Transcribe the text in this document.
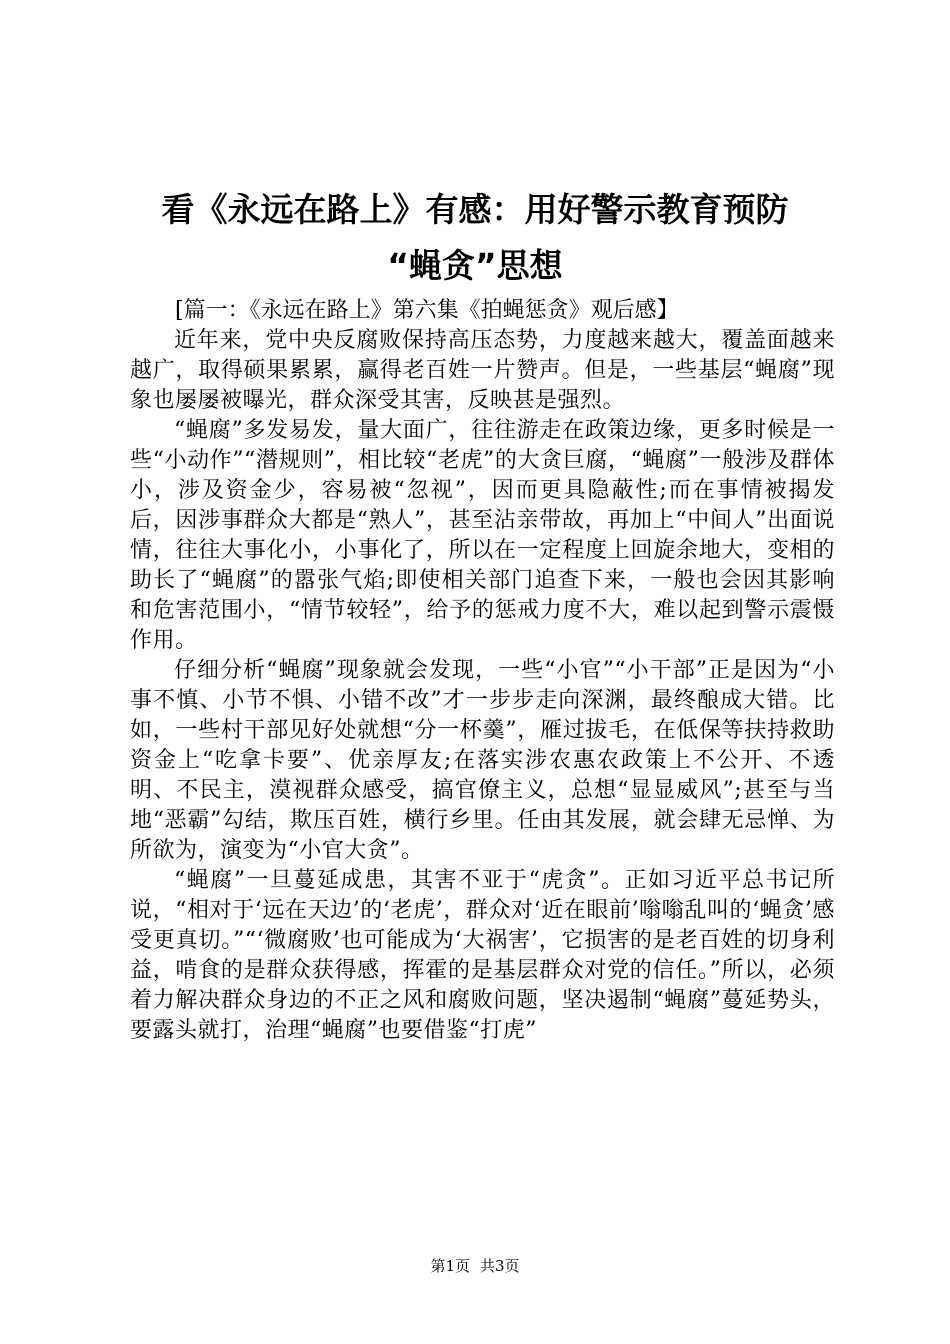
看《永远在路上》有感：用好警示教育预防
“蝇贪”思想

[篇一：《永远在路上》第六集《拍蝇惩贪》观后感】

近年来，党中央反腐败保持高压态势，力度越来越大，覆盖面越来越广，取得硕果累累，赢得老百姓一片赞声。但是，一些基层“蝇腐”现象也屡屡被曝光，群众深受其害，反映甚是强烈。

“蝇腐”多发易发，量大面广，往往游走在政策边缘，更多时候是一些“小动作”“潜规则”，相比较“老虎”的大贪巨腐，“蝇腐”一般涉及群体小，涉及资金少，容易被“忽视”，因而更具隐蔽性;而在事情被揭发后，因涉事群众大都是“熟人”，甚至沾亲带故，再加上“中间人”出面说情，往往大事化小，小事化了，所以在一定程度上回旋余地大，变相的助长了“蝇腐”的嚣张气焰;即使相关部门追查下来，一般也会因其影响和危害范围小，“情节较轻”，给予的惩戒力度不大，难以起到警示震慑作用。

仔细分析“蝇腐”现象就会发现，一些“小官”“小干部”正是因为“小事不慎、小节不惧、小错不改”才一步步走向深渊，最终酿成大错。比如，一些村干部见好处就想“分一杯羹”，雁过拔毛，在低保等扶持救助资金上“吃拿卡要”、优亲厚友;在落实涉农惠农政策上不公开、不透明、不民主，漠视群众感受，搞官僚主义，总想“显显威风”;甚至与当地“恶霸”勾结，欺压百姓，横行乡里。任由其发展，就会肆无忌惮、为所欲为，演变为“小官大贪”。

“蝇腐”一旦蔓延成患，其害不亚于“虎贪”。正如习近平总书记所说，“相对于‘远在天边’的‘老虎’，群众对‘近在眼前’嗡嗡乱叫的‘蝇贪’感受更真切。”“‘微腐败’也可能成为‘大祸害’，它损害的是老百姓的切身利益，啃食的是群众获得感，挥霍的是基层群众对党的信任。”所以，必须着力解决群众身边的不正之风和腐败问题，坚决遏制“蝇腐”蔓延势头，要露头就打，治理“蝇腐”也要借鉴“打虎”

第1页 共3页
